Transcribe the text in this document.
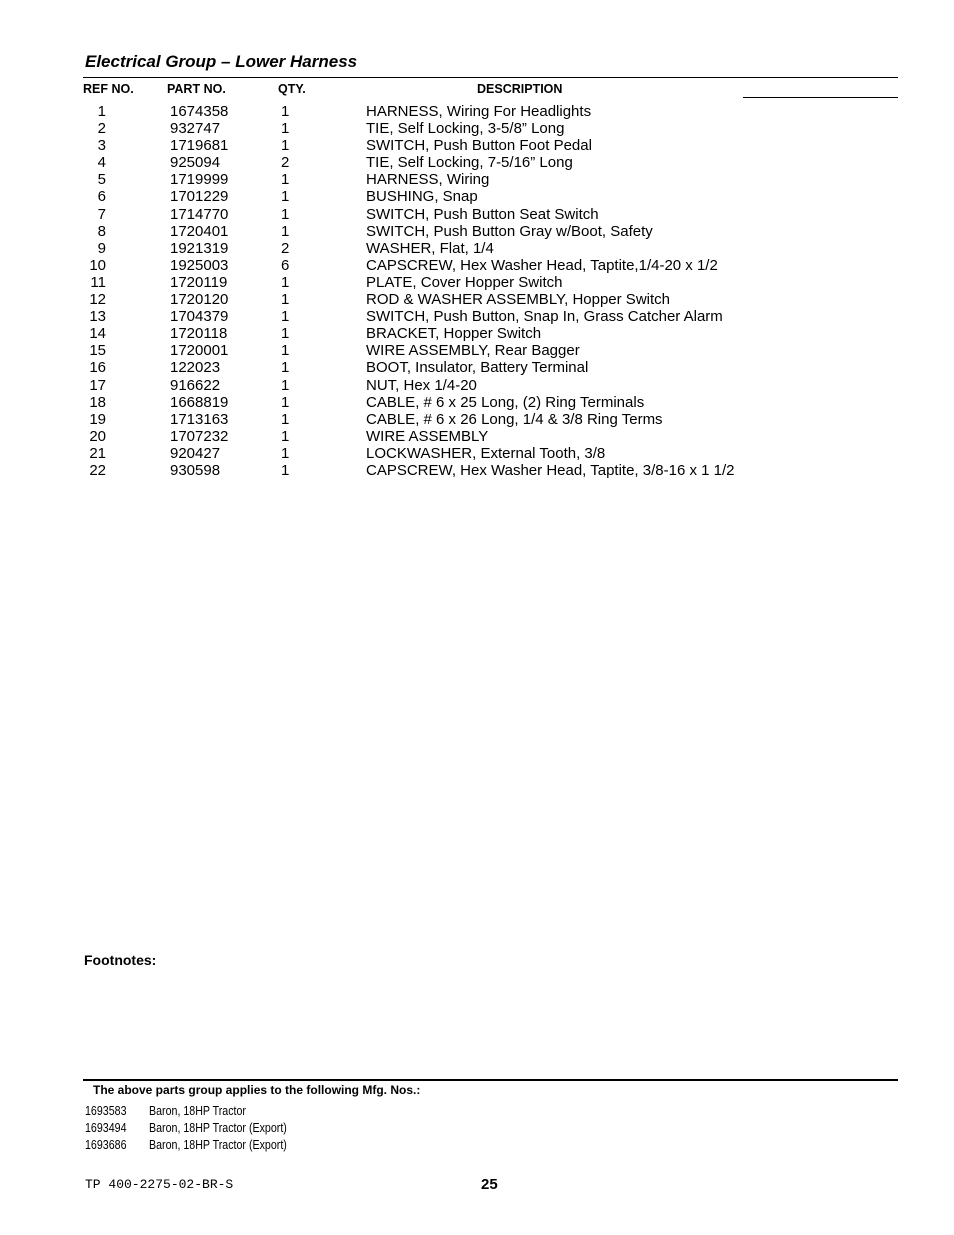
Electrical Group – Lower Harness
REF NO.	PART NO.	QTY.	DESCRIPTION
1	1674358	1	HARNESS, Wiring For Headlights
2	932747	1	TIE, Self Locking, 3-5/8” Long
3	1719681	1	SWITCH, Push Button Foot Pedal
4	925094	2	TIE, Self Locking, 7-5/16” Long
5	1719999	1	HARNESS, Wiring
6	1701229	1	BUSHING, Snap
7	1714770	1	SWITCH, Push Button Seat Switch
8	1720401	1	SWITCH, Push Button Gray w/Boot, Safety
9	1921319	2	WASHER, Flat, 1/4
10	1925003	6	CAPSCREW, Hex Washer Head, Taptite,1/4-20 x 1/2
11	1720119	1	PLATE, Cover Hopper Switch
12	1720120	1	ROD & WASHER ASSEMBLY, Hopper Switch
13	1704379	1	SWITCH, Push Button, Snap In, Grass Catcher Alarm
14	1720118	1	BRACKET, Hopper Switch
15	1720001	1	WIRE ASSEMBLY, Rear Bagger
16	122023	1	BOOT, Insulator, Battery Terminal
17	916622	1	NUT, Hex 1/4-20
18	1668819	1	CABLE, # 6 x 25 Long, (2) Ring Terminals
19	1713163	1	CABLE, # 6 x 26 Long, 1/4 & 3/8 Ring Terms
20	1707232	1	WIRE ASSEMBLY
21	920427	1	LOCKWASHER, External Tooth, 3/8
22	930598	1	CAPSCREW, Hex Washer Head, Taptite, 3/8-16 x 1 1/2
Footnotes:
The above parts group applies to the following Mfg. Nos.:
1693583 Baron, 18HP Tractor
1693494 Baron, 18HP Tractor (Export)
1693686 Baron, 18HP Tractor (Export)
TP 400-2275-02-BR-S	25
